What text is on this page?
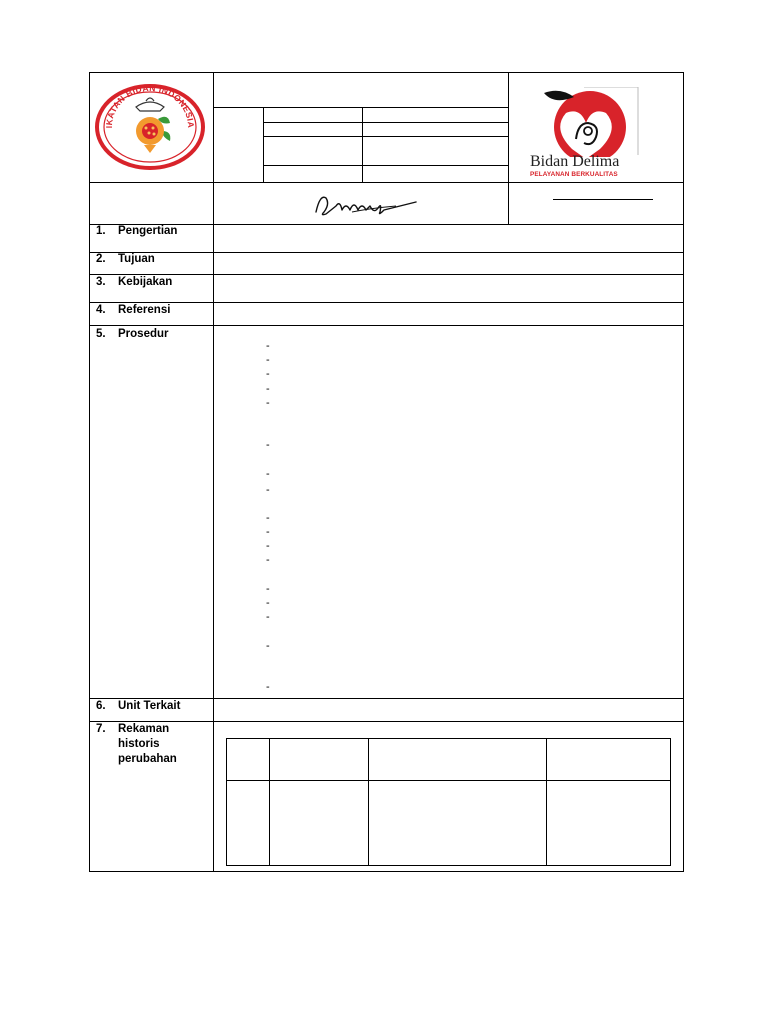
IKATAN BIDAN INDONESIA
Bidan Delima
PELAYANAN BERKUALITAS
1. Pengertian
2. Tujuan
3. Kebijakan
4. Referensi
5. Prosedur
6. Unit Terkait
7. Rekaman
historis
perubahan
-
-
-
-
-
-
-
-
-
-
-
-
-
-
-
-
-
